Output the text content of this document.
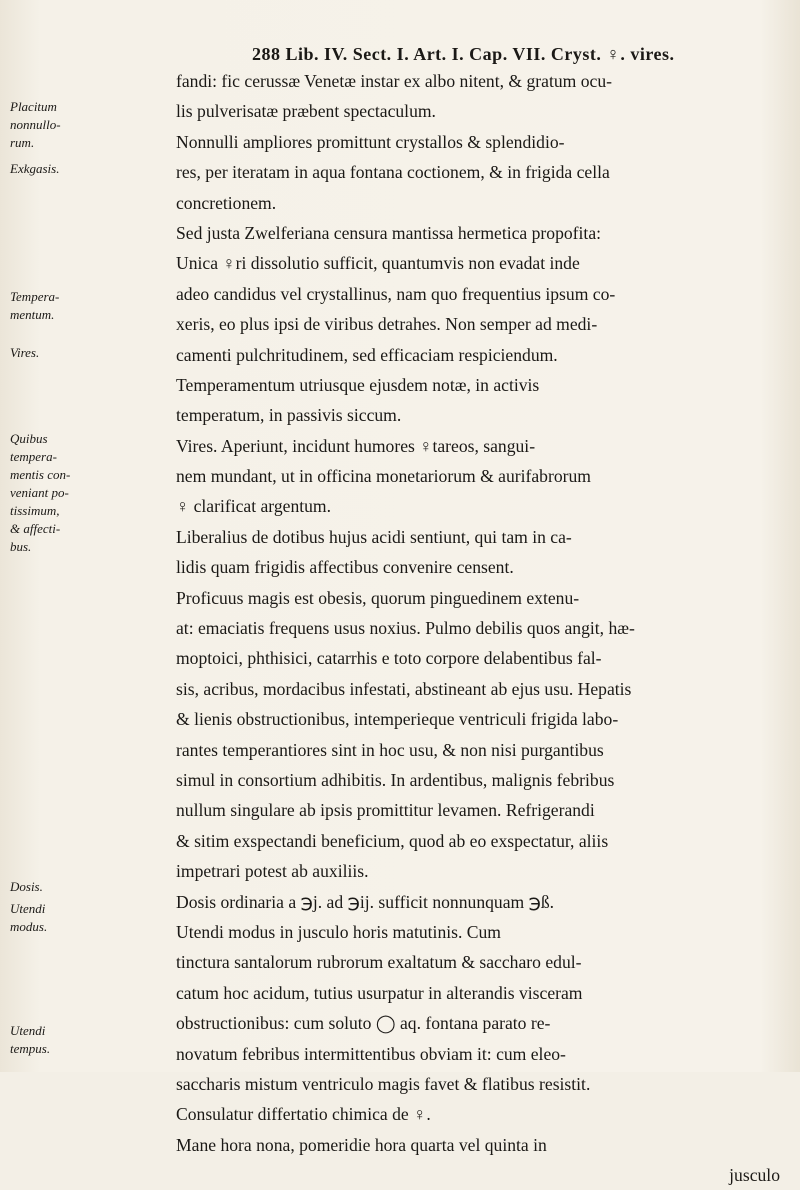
288 Lib. IV. Sect. I. Art. I. Cap. VII. Cryst. ♀. vires.
Placitum
nonnullo-
rum.
Exkgasis.
Tempera-
mentum.
Vires.
Quibus
tempera-
mentis con-
veniant po-
tissimum,
& affecti-
bus.
Dosis.
Utendi
modus.
Utendi
tempus.
fandi: fic cerussæ Venetæ instar ex albo nitent, & gratum ocu-
lis pulverisatæ præbent spectaculum.
Nonnulli ampliores promittunt crystallos & splendidio-
res, per iteratam in aqua fontana coctionem, & in frigida cella
concretionem.
Sed justa Zwelferiana censura mantissa hermetica propofita:
Unica ♀ri dissolutio sufficit, quantumvis non evadat inde
adeo candidus vel crystallinus, nam quo frequentius ipsum co-
xeris, eo plus ipsi de viribus detrahes. Non semper ad medi-
camenti pulchritudinem, sed efficaciam respiciendum.
Temperamentum utriusque ejusdem notæ, in activis
temperatum, in passivis siccum.
Vires. Aperiunt, incidunt humores ♀tareos, sangui-
nem mundant, ut in officina monetariorum & aurifabrorum
♀ clarificat argentum.
Liberalius de dotibus hujus acidi sentiunt, qui tam in ca-
lidis quam frigidis affectibus convenire censent.
Proficuus magis est obesis, quorum pinguedinem extenu-
at: emaciatis frequens usus noxius. Pulmo debilis quos angit, hæ-
moptoici, phthisici, catarrhis e toto corpore delabentibus fal-
sis, acribus, mordacibus infestati, abstineant ab ejus usu. Hepatis
& lienis obstructionibus, intemperieque ventriculi frigida labo-
rantes temperantiores sint in hoc usu, & non nisi purgantibus
simul in consortium adhibitis. In ardentibus, malignis febribus
nullum singulare ab ipsis promittitur levamen. Refrigerandi
& sitim exspectandi beneficium, quod ab eo exspectatur, aliis
impetrari potest ab auxiliis.
Dosis ordinaria a ℈j. ad ℈ij. sufficit nonnunquam ℈ß.
Utendi modus in jusculo horis matutinis. Cum
tinctura santalorum rubrorum exaltatum & saccharo edul-
catum hoc acidum, tutius usurpatur in alterandis visceram
obstructionibus: cum soluto ◯ aq. fontana parato re-
novatum febribus intermittentibus obviam it: cum eleo-
saccharis mistum ventriculo magis favet & flatibus resistit.
Consulatur differtatio chimica de ♀.
Mane hora nona, pomeridie hora quarta vel quinta in
jusculo
